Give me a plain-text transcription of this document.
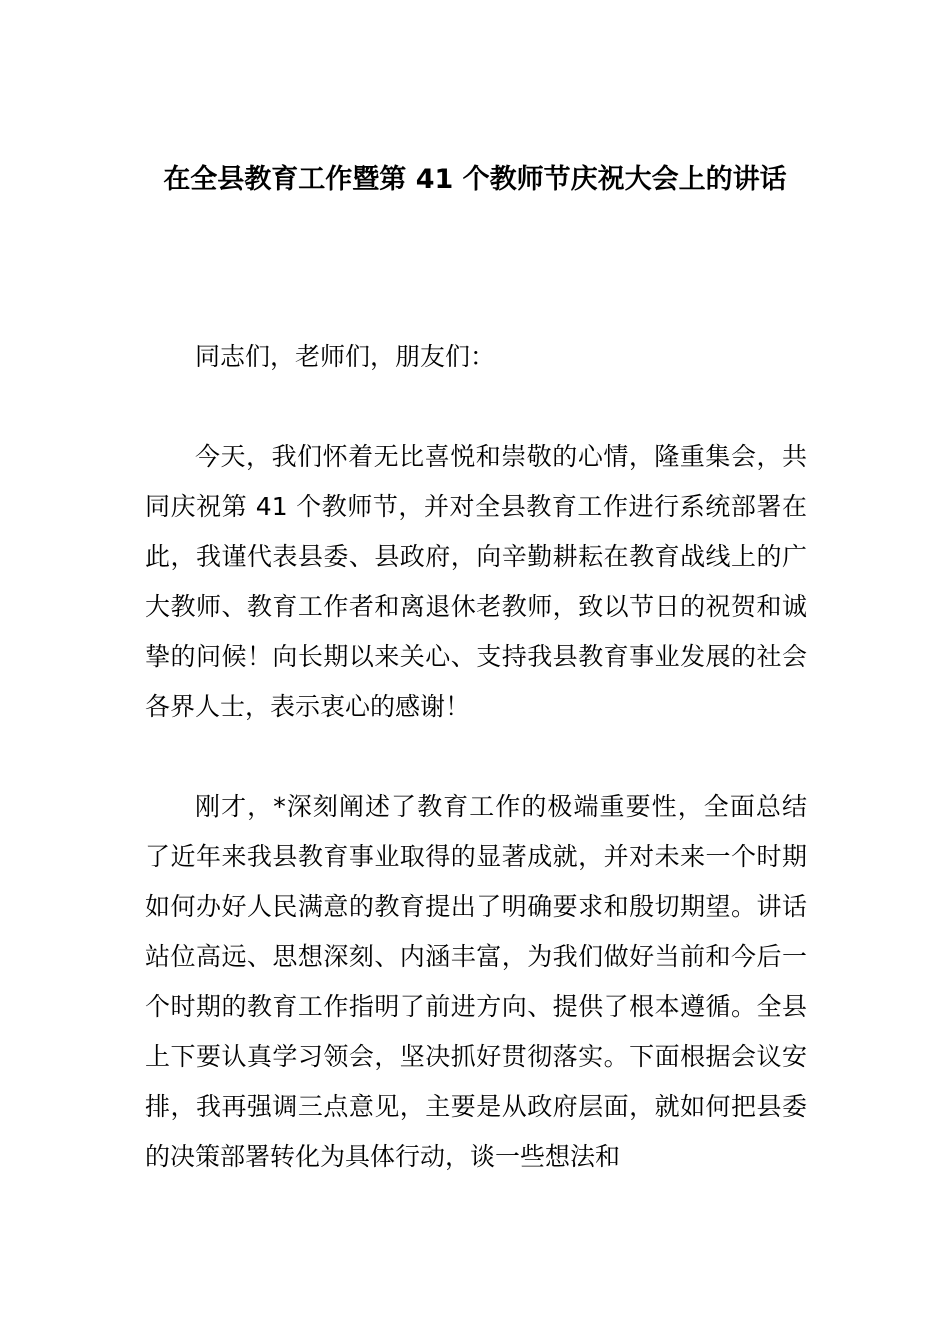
在全县教育工作暨第 41 个教师节庆祝大会上的讲话

同志们，老师们，朋友们：

今天，我们怀着无比喜悦和崇敬的心情，隆重集会，共同庆祝第 41 个教师节，并对全县教育工作进行系统部署在此，我谨代表县委、县政府，向辛勤耕耘在教育战线上的广大教师、教育工作者和离退休老教师，致以节日的祝贺和诚挚的问候！向长期以来关心、支持我县教育事业发展的社会各界人士，表示衷心的感谢！

刚才，*深刻阐述了教育工作的极端重要性，全面总结了近年来我县教育事业取得的显著成就，并对未来一个时期如何办好人民满意的教育提出了明确要求和殷切期望。讲话站位高远、思想深刻、内涵丰富，为我们做好当前和今后一个时期的教育工作指明了前进方向、提供了根本遵循。全县上下要认真学习领会，坚决抓好贯彻落实。下面根据会议安排，我再强调三点意见，主要是从政府层面，就如何把县委的决策部署转化为具体行动，谈一些想法和
